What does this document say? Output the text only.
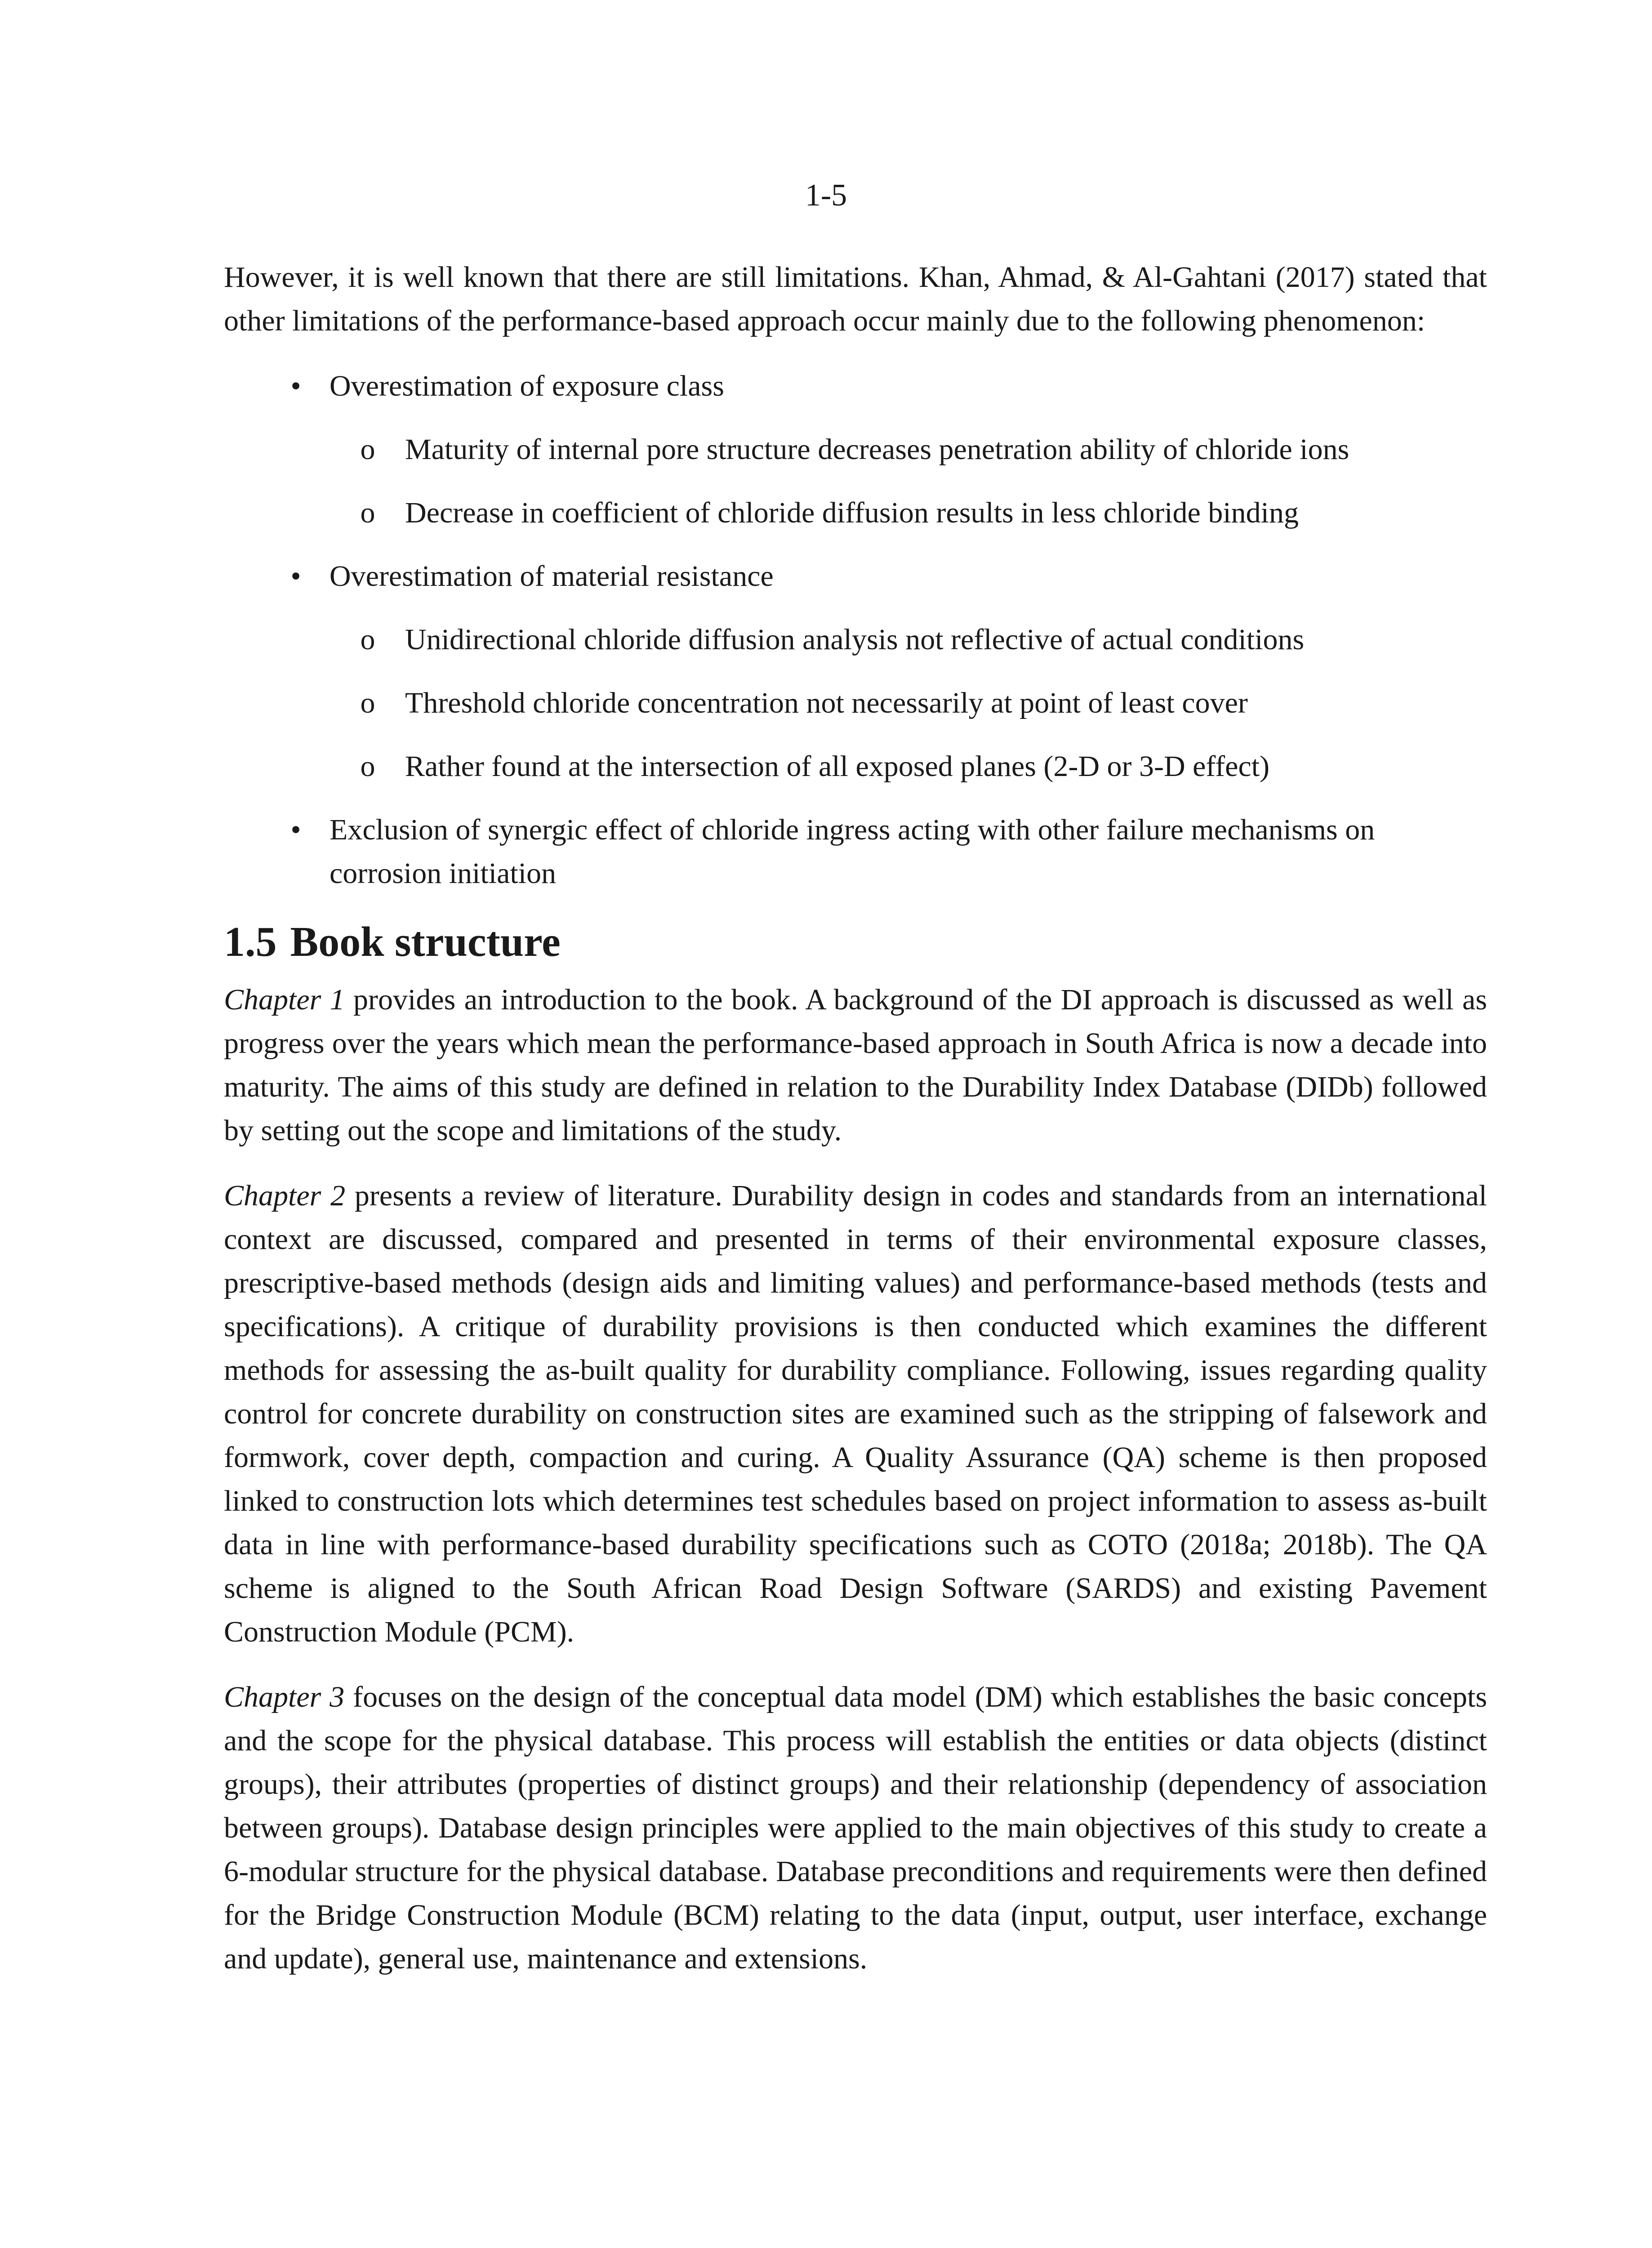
1-5

However, it is well known that there are still limitations. Khan, Ahmad, & Al-Gahtani (2017) stated that other limitations of the performance-based approach occur mainly due to the following phenomenon:

• Overestimation of exposure class
o Maturity of internal pore structure decreases penetration ability of chloride ions
o Decrease in coefficient of chloride diffusion results in less chloride binding
• Overestimation of material resistance
o Unidirectional chloride diffusion analysis not reflective of actual conditions
o Threshold chloride concentration not necessarily at point of least cover
o Rather found at the intersection of all exposed planes (2-D or 3-D effect)
• Exclusion of synergic effect of chloride ingress acting with other failure mechanisms on corrosion initiation
1.5 Book structure

Chapter 1 provides an introduction to the book. A background of the DI approach is discussed as well as progress over the years which mean the performance-based approach in South Africa is now a decade into maturity. The aims of this study are defined in relation to the Durability Index Database (DIDb) followed by setting out the scope and limitations of the study.

Chapter 2 presents a review of literature. Durability design in codes and standards from an international context are discussed, compared and presented in terms of their environmental exposure classes, prescriptive-based methods (design aids and limiting values) and performance-based methods (tests and specifications). A critique of durability provisions is then conducted which examines the different methods for assessing the as-built quality for durability compliance. Following, issues regarding quality control for concrete durability on construction sites are examined such as the stripping of falsework and formwork, cover depth, compaction and curing. A Quality Assurance (QA) scheme is then proposed linked to construction lots which determines test schedules based on project information to assess as-built data in line with performance-based durability specifications such as COTO (2018a; 2018b). The QA scheme is aligned to the South African Road Design Software (SARDS) and existing Pavement Construction Module (PCM).

Chapter 3 focuses on the design of the conceptual data model (DM) which establishes the basic concepts and the scope for the physical database. This process will establish the entities or data objects (distinct groups), their attributes (properties of distinct groups) and their relationship (dependency of association between groups). Database design principles were applied to the main objectives of this study to create a 6-modular structure for the physical database. Database preconditions and requirements were then defined for the Bridge Construction Module (BCM) relating to the data (input, output, user interface, exchange and update), general use, maintenance and extensions.
